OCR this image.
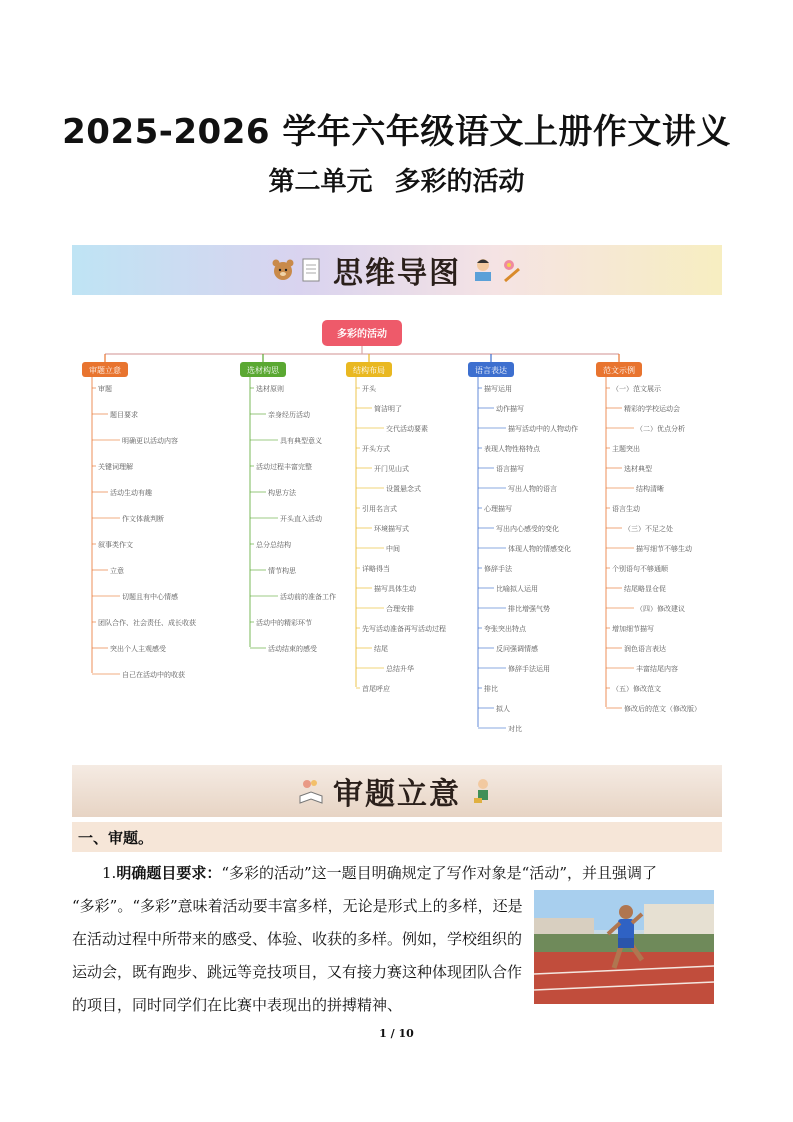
2025-2026 学年六年级语文上册作文讲义
第二单元 多彩的活动
思维导图
多彩的活动
审题立意
审题
题目要求
明确更以活动内容
关键词理解
活动生动有趣
作文体裁判断
叙事类作文
立意
切题且有中心情感
团队合作、社会责任、成长收获
突出个人主观感受
自己在活动中的收获
选材构思
选材原则
亲身经历活动
具有典型意义
活动过程丰富完整
构思方法
开头直入活动
总分总结构
情节构思
活动前的准备工作
活动中的精彩环节
活动结束的感受
结构布局
开头
简洁明了
交代活动要素
开头方式
开门见山式
设置悬念式
引用名言式
环境描写式
中间
详略得当
描写具体生动
合理安排
先写活动准备再写活动过程
结尾
总结升华
首尾呼应
语言表达
描写运用
动作描写
描写活动中的人物动作
表现人物性格特点
语言描写
写出人物的语言
心理描写
写出内心感受的变化
体现人物的情感变化
修辞手法
比喻拟人运用
排比增强气势
夸张突出特点
反问强调情感
修辞手法运用
排比
拟人
对比
范文示例
（一）范文展示
精彩的学校运动会
（二）优点分析
主题突出
选材典型
结构清晰
语言生动
（三）不足之处
描写细节不够生动
个别语句不够通顺
结尾略显仓促
（四）修改建议
增加细节描写
润色语言表达
丰富结尾内容
（五）修改范文
修改后的范文（修改版）
审题立意
一、审题。
1.明确题目要求：“多彩的活动”这一题目明确规定了写作对象是“活动”，并且强调了
“多彩”。“多彩”意味着活动要丰富多样，无论是形式上的多样，还是在活动过程中所带来的感受、体验、收获的多样。例如，学校组织的运动会，既有跑步、跳远等竞技项目，又有接力赛这种体现团队合作的项目，同时同学们在比赛中表现出的拼搏精神、
1 / 10
